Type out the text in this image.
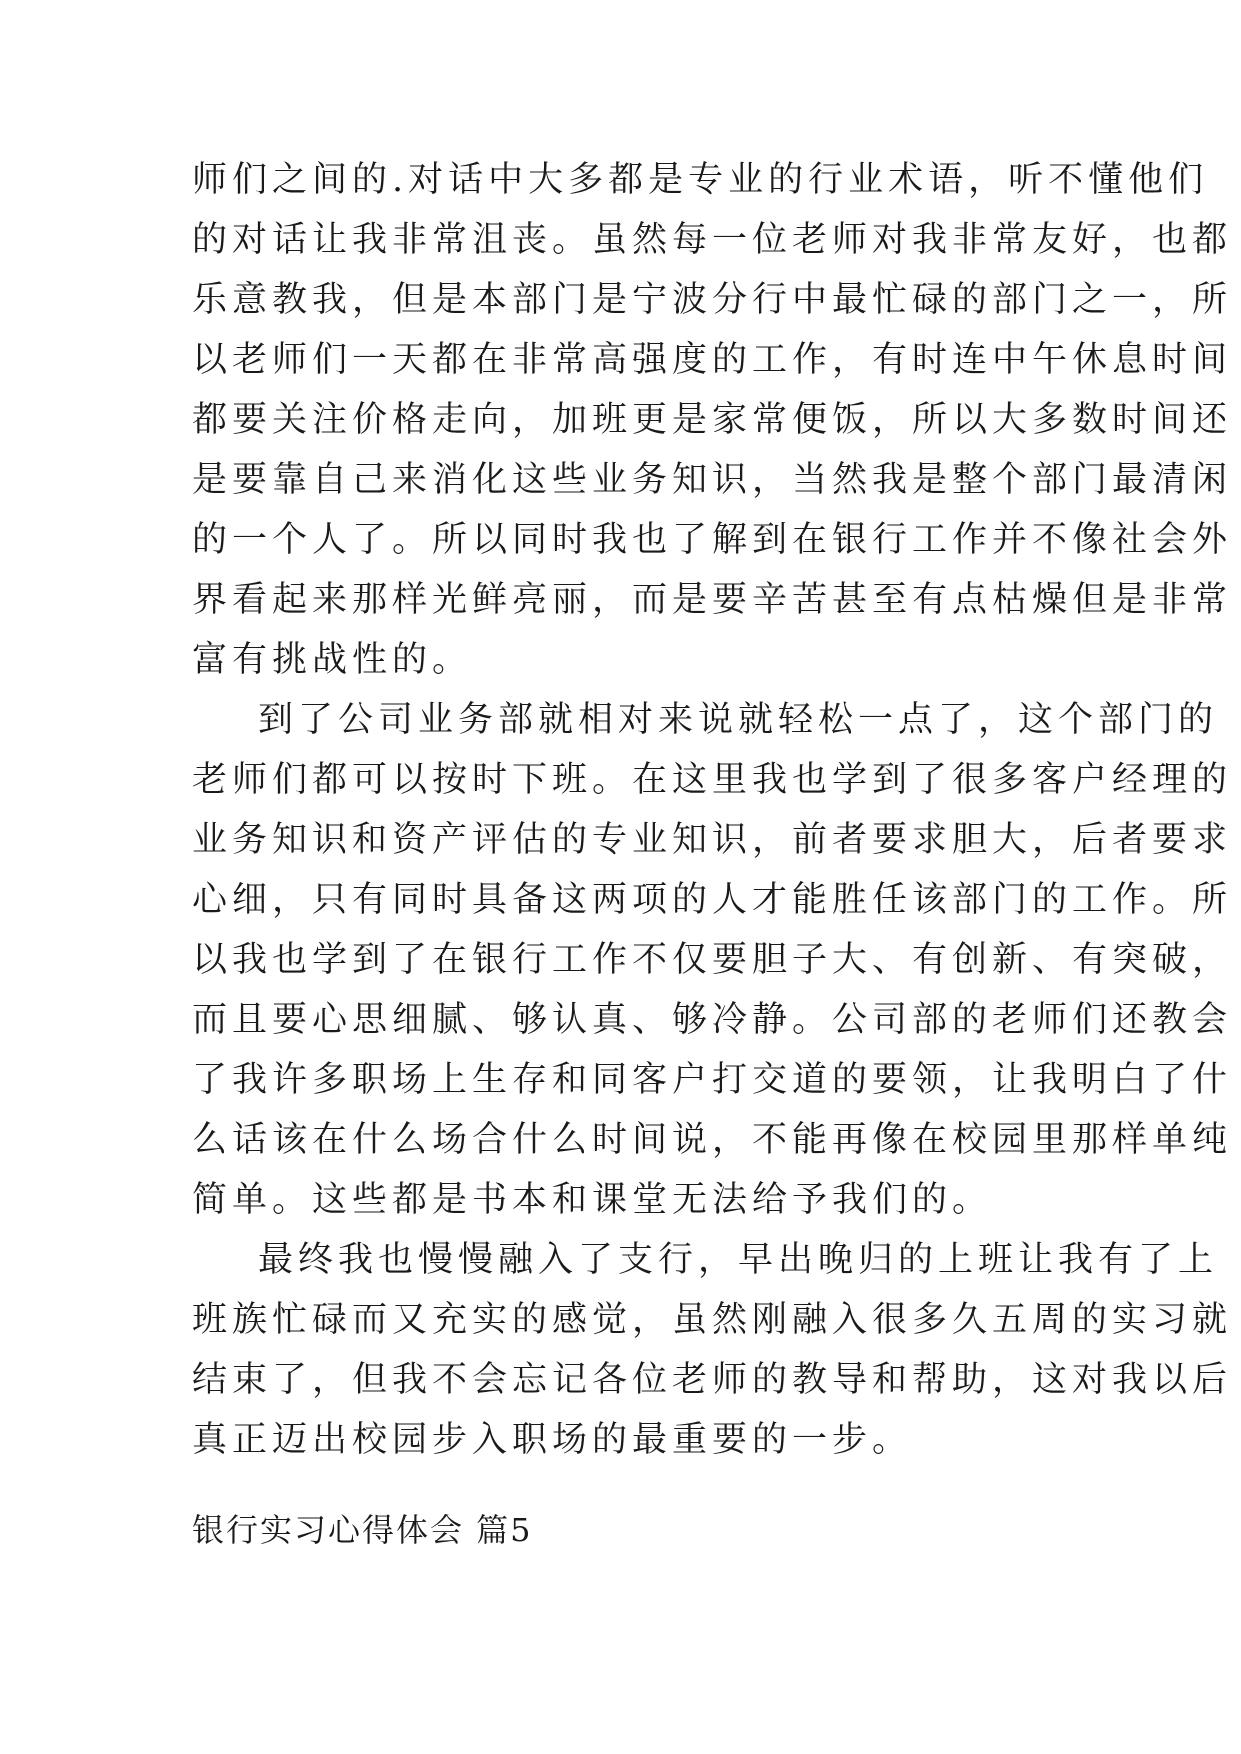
师们之间的.对话中大多都是专业的行业术语，听不懂他们
的对话让我非常沮丧。虽然每一位老师对我非常友好，也都
乐意教我，但是本部门是宁波分行中最忙碌的部门之一，所
以老师们一天都在非常高强度的工作，有时连中午休息时间
都要关注价格走向，加班更是家常便饭，所以大多数时间还
是要靠自己来消化这些业务知识，当然我是整个部门最清闲
的一个人了。所以同时我也了解到在银行工作并不像社会外
界看起来那样光鲜亮丽，而是要辛苦甚至有点枯燥但是非常
富有挑战性的。
到了公司业务部就相对来说就轻松一点了，这个部门的
老师们都可以按时下班。在这里我也学到了很多客户经理的
业务知识和资产评估的专业知识，前者要求胆大，后者要求
心细，只有同时具备这两项的人才能胜任该部门的工作。所
以我也学到了在银行工作不仅要胆子大、有创新、有突破，
而且要心思细腻、够认真、够冷静。公司部的老师们还教会
了我许多职场上生存和同客户打交道的要领，让我明白了什
么话该在什么场合什么时间说，不能再像在校园里那样单纯
简单。这些都是书本和课堂无法给予我们的。
最终我也慢慢融入了支行，早出晚归的上班让我有了上
班族忙碌而又充实的感觉，虽然刚融入很多久五周的实习就
结束了，但我不会忘记各位老师的教导和帮助，这对我以后
真正迈出校园步入职场的最重要的一步。
银行实习心得体会 篇5
